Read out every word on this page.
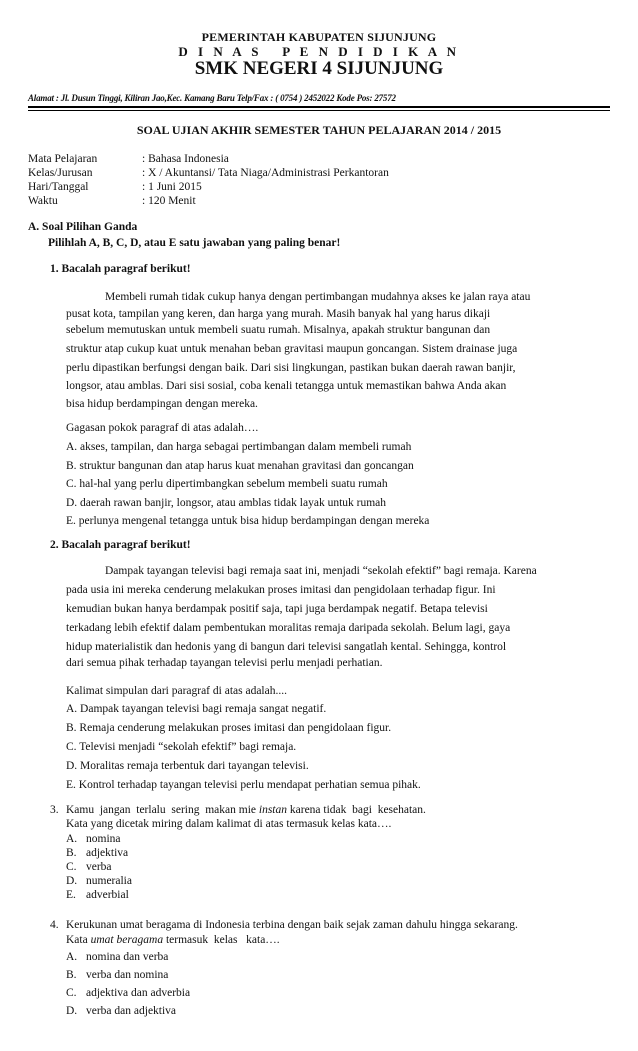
PEMERINTAH KABUPATEN SIJUNJUNG
D I N A S   P E N D I D I K A N
SMK NEGERI 4 SIJUNJUNG
Alamat : Jl. Dusun Tinggi, Kiliran Jao,Kec. Kamang Baru Telp/Fax : ( 0754 ) 2452022 Kode Pos: 27572
SOAL UJIAN AKHIR SEMESTER TAHUN PELAJARAN 2014 / 2015
Mata Pelajaran	: Bahasa Indonesia
Kelas/Jurusan	: X / Akuntansi/ Tata Niaga/Administrasi Perkantoran
Hari/Tanggal	: 1 Juni 2015
Waktu	: 120 Menit
A. Soal Pilihan Ganda
Pilihlah A, B, C, D, atau E satu jawaban yang paling benar!
1. Bacalah paragraf berikut!
Membeli rumah tidak cukup hanya dengan pertimbangan mudahnya akses ke jalan raya atau
pusat kota, tampilan yang keren, dan harga yang murah. Masih banyak hal yang harus dikaji
sebelum memutuskan untuk membeli suatu rumah. Misalnya, apakah struktur bangunan dan
struktur atap cukup kuat untuk menahan beban gravitasi maupun goncangan. Sistem drainase juga
perlu dipastikan berfungsi dengan baik. Dari sisi lingkungan, pastikan bukan daerah rawan banjir,
longsor, atau amblas. Dari sisi sosial, coba kenali tetangga untuk memastikan bahwa Anda akan
bisa hidup berdampingan dengan mereka.
Gagasan pokok paragraf di atas adalah….
A. akses, tampilan, dan harga sebagai pertimbangan dalam membeli rumah
B. struktur bangunan dan atap harus kuat menahan gravitasi dan goncangan
C. hal-hal yang perlu dipertimbangkan sebelum membeli suatu rumah
D. daerah rawan banjir, longsor, atau amblas tidak layak untuk rumah
E. perlunya mengenal tetangga untuk bisa hidup berdampingan dengan mereka
2. Bacalah paragraf berikut!
Dampak tayangan televisi bagi remaja saat ini, menjadi “sekolah efektif” bagi remaja. Karena
pada usia ini mereka cenderung melakukan proses imitasi dan pengidolaan terhadap figur. Ini
kemudian bukan hanya berdampak positif saja, tapi juga berdampak negatif. Betapa televisi
terkadang lebih efektif dalam pembentukan moralitas remaja daripada sekolah. Belum lagi, gaya
hidup materialistik dan hedonis yang di bangun dari televisi sangatlah kental. Sehingga, kontrol
dari semua pihak terhadap tayangan televisi perlu menjadi perhatian.
Kalimat simpulan dari paragraf di atas adalah....
A. Dampak tayangan televisi bagi remaja sangat negatif.
B. Remaja cenderung melakukan proses imitasi dan pengidolaan figur.
C. Televisi menjadi “sekolah efektif” bagi remaja.
D. Moralitas remaja terbentuk dari tayangan televisi.
E. Kontrol terhadap tayangan televisi perlu mendapat perhatian semua pihak.
3. Kamu  jangan  terlalu  sering  makan mie instan karena tidak  bagi  kesehatan.
Kata yang dicetak miring dalam kalimat di atas termasuk kelas kata….
A. nomina
B. adjektiva
C. verba
D. numeralia
E. adverbial
4. Kerukunan umat beragama di Indonesia terbina dengan baik sejak zaman dahulu hingga sekarang.
Kata umat beragama termasuk  kelas   kata….
A. nomina dan verba
B. verba dan nomina
C. adjektiva dan adverbia
D. verba dan adjektiva
